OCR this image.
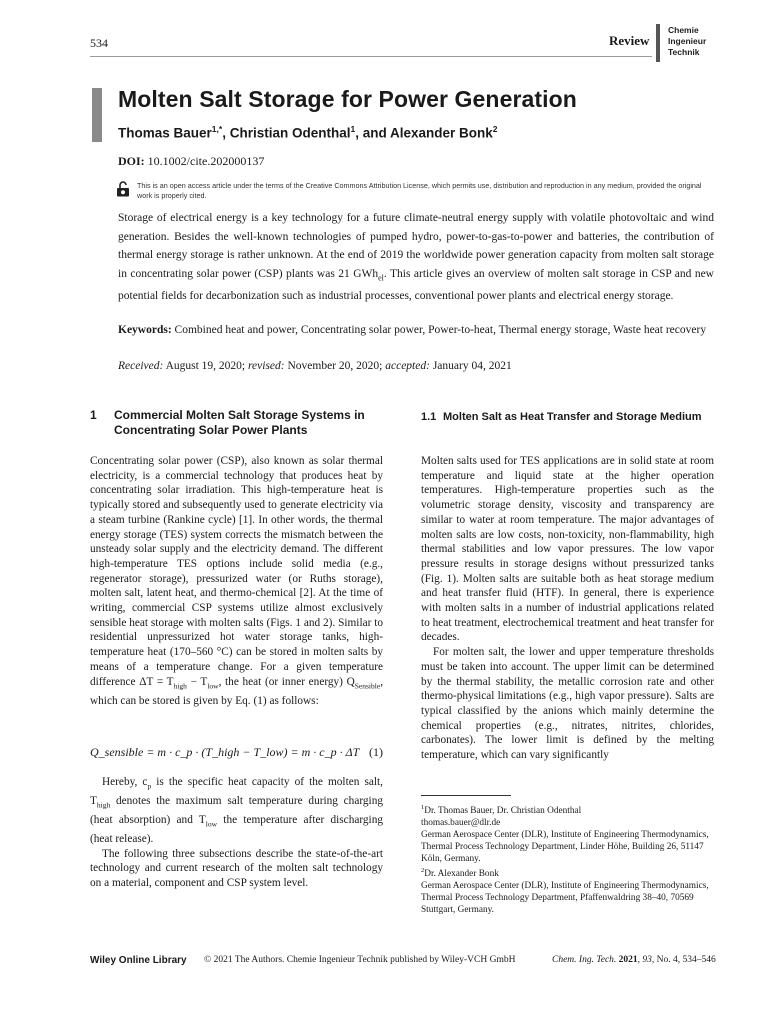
534	Review
Chemie
Ingenieur
Technik
Molten Salt Storage for Power Generation
Thomas Bauer$^{1,*}$, Christian Odenthal$^1$, and Alexander Bonk$^2$
DOI: 10.1002/cite.202000137
This is an open access article under the terms of the Creative Commons Attribution License, which permits use, distribution and reproduction in any medium, provided the original work is properly cited.
Storage of electrical energy is a key technology for a future climate-neutral energy supply with volatile photovoltaic and wind generation. Besides the well-known technologies of pumped hydro, power-to-gas-to-power and batteries, the contribution of thermal energy storage is rather unknown. At the end of 2019 the worldwide power generation capacity from molten salt storage in concentrating solar power (CSP) plants was 21 GWh$_{el}$. This article gives an overview of molten salt storage in CSP and new potential fields for decarbonization such as industrial processes, conventional power plants and electrical energy storage.
Keywords: Combined heat and power, Concentrating solar power, Power-to-heat, Thermal energy storage, Waste heat recovery
Received: August 19, 2020; revised: November 20, 2020; accepted: January 04, 2021
1 Commercial Molten Salt Storage Systems in Concentrating Solar Power Plants

Concentrating solar power (CSP), also known as solar thermal electricity, is a commercial technology that produces heat by concentrating solar irradiation. This high-temperature heat is typically stored and subsequently used to generate electricity via a steam turbine (Rankine cycle) [1]. In other words, the thermal energy storage (TES) system corrects the mismatch between the unsteady solar supply and the electricity demand. The different high-temperature TES options include solid media (e.g., regenerator storage), pressurized water (or Ruths storage), molten salt, latent heat, and thermo-chemical [2]. At the time of writing, commercial CSP systems utilize almost exclusively sensible heat storage with molten salts (Figs. 1 and 2). Similar to residential unpressurized hot water storage tanks, high-temperature heat (170–560 °C) can be stored in molten salts by means of a temperature change. For a given temperature difference $\Delta T = T_{high} - T_{low}$, the heat (or inner energy) $Q_{Sensible}$, which can be stored is given by Eq. (1) as follows:

Q_sensible = m · c_p · (T_high − T_low) = m · c_p · ΔT (1)

Hereby, $c_p$ is the specific heat capacity of the molten salt, $T_{high}$ denotes the maximum salt temperature during charging (heat absorption) and $T_{low}$ the temperature after discharging (heat release).

The following three subsections describe the state-of-the-art technology and current research of the molten salt technology on a material, component and CSP system level.

1.1 Molten Salt as Heat Transfer and Storage Medium

Molten salts used for TES applications are in solid state at room temperature and liquid state at the higher operation temperatures. High-temperature properties such as the volumetric storage density, viscosity and transparency are similar to water at room temperature. The major advantages of molten salts are low costs, non-toxicity, non-flammability, high thermal stabilities and low vapor pressures. The low vapor pressure results in storage designs without pressurized tanks (Fig. 1). Molten salts are suitable both as heat storage medium and heat transfer fluid (HTF). In general, there is experience with molten salts in a number of industrial applications related to heat treatment, electrochemical treatment and heat transfer for decades.

For molten salt, the lower and upper temperature thresholds must be taken into account. The upper limit can be determined by the thermal stability, the metallic corrosion rate and other thermo-physical limitations (e.g., high vapor pressure). Salts are typical classified by the anions which mainly determine the chemical properties (e.g., nitrates, nitrites, chlorides, carbonates). The lower limit is defined by the melting temperature, which can vary significantly

$^1$Dr. Thomas Bauer, Dr. Christian Odenthal

thomas.bauer@dlr.de

German Aerospace Center (DLR), Institute of Engineering Thermodynamics, Thermal Process Technology Department, Linder Höhe, Building 26, 51147 Köln, Germany.

$^2$Dr. Alexander Bonk

German Aerospace Center (DLR), Institute of Engineering Thermodynamics, Thermal Process Technology Department, Pfaffenwaldring 38–40, 70569 Stuttgart, Germany.

Wiley Online Library © 2021 The Authors. Chemie Ingenieur Technik published by Wiley-VCH GmbH	Chem. Ing. Tech. 2021, 93, No. 4, 534–546
